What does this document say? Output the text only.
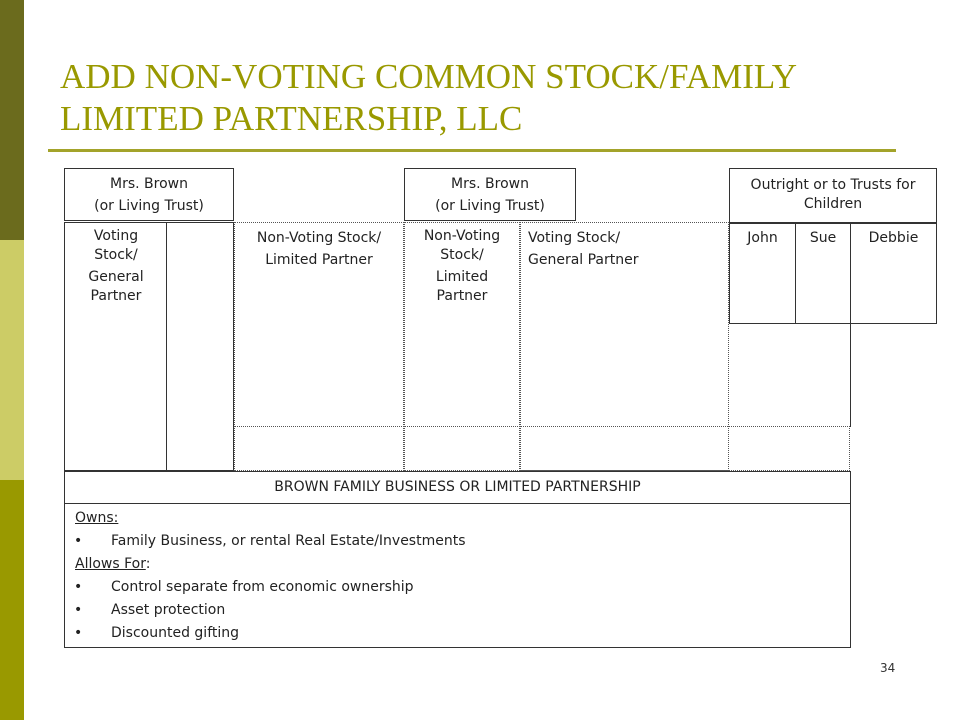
ADD NON-VOTING COMMON STOCK/FAMILY
LIMITED PARTNERSHIP, LLC
Mrs. Brown
(or Living Trust)
Mrs. Brown
(or Living Trust)
Outright or to Trusts for Children
Voting Stock/
General Partner
Non-Voting Stock/
Limited Partner
Non-Voting Stock/
Limited Partner
Voting Stock/
General Partner
John	Sue	Debbie
BROWN FAMILY BUSINESS OR LIMITED PARTNERSHIP
Owns:
• Family Business, or rental Real Estate/Investments
Allows For:
• Control separate from economic ownership
• Asset protection
• Discounted gifting
34
